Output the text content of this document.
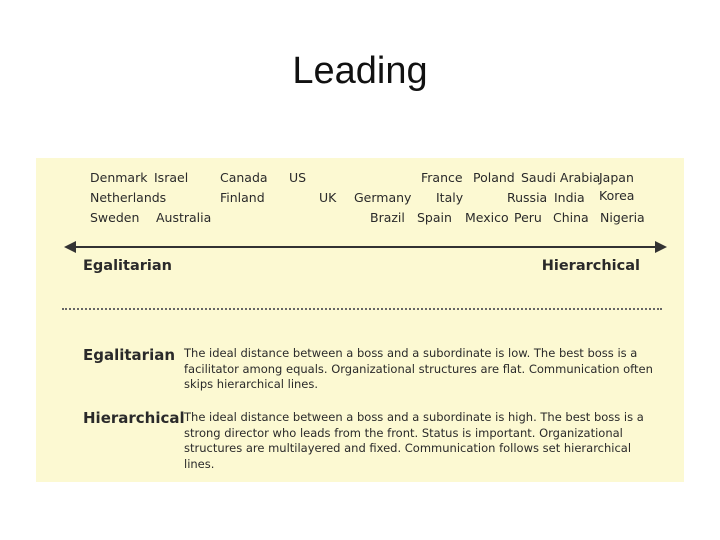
Leading
Denmark
Netherlands
Sweden
Israel
Australia
Canada
Finland
US
UK Germany
Brazil
France
Italy
Spain
Poland
Mexico
Saudi Arabia
Russia
Peru
India
China
Japan
Korea
Nigeria
Egalitarian	Hierarchical
Egalitarian The ideal distance between a boss and a subordinate is low. The best boss is a facilitator among equals. Organizational structures are flat. Communication often skips hierarchical lines.
Hierarchical The ideal distance between a boss and a subordinate is high. The best boss is a strong director who leads from the front. Status is important. Organizational structures are multilayered and fixed. Communication follows set hierarchical lines.
